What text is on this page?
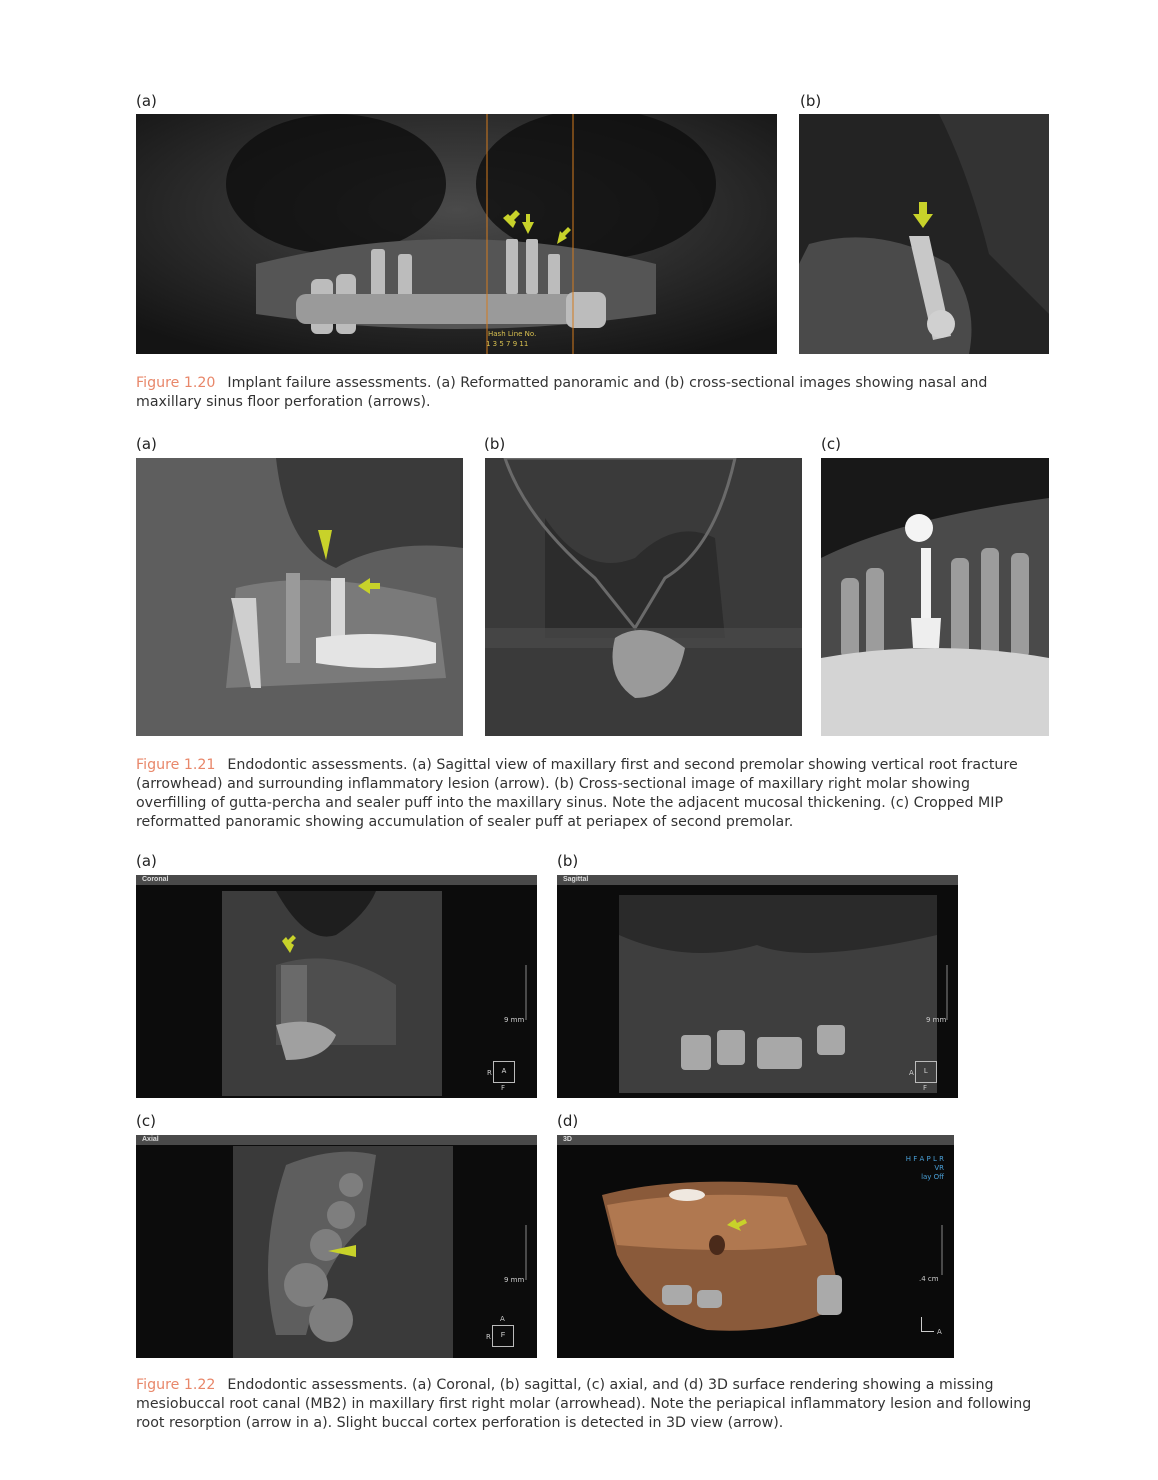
(a)	(b)
Hash Line No.
1 3 5 7 9 11
Figure 1.20 Implant failure assessments. (a) Reformatted panoramic and (b) cross-sectional images showing nasal and maxillary sinus floor perforation (arrows).
(a)	(b)	(c)
Figure 1.21 Endodontic assessments. (a) Sagittal view of maxillary first and second premolar showing vertical root fracture (arrowhead) and surrounding inflammatory lesion (arrow). (b) Cross-sectional image of maxillary right molar showing overfilling of gutta-percha and sealer puff into the maxillary sinus. Note the adjacent mucosal thickening. (c) Cropped MIP reformatted panoramic showing accumulation of sealer puff at periapex of second premolar.
(a)	(b)
(c)	(d)
Coronal
9 mm
R	A
F
Sagittal
9 mm
A	L
F
Axial
9 mm
A
R	F
3D
H F A P L R
VR
lay Off
.4 cm
A
Figure 1.22 Endodontic assessments. (a) Coronal, (b) sagittal, (c) axial, and (d) 3D surface rendering showing a missing mesiobuccal root canal (MB2) in maxillary first right molar (arrowhead). Note the periapical inflammatory lesion and following root resorption (arrow in a). Slight buccal cortex perforation is detected in 3D view (arrow).
